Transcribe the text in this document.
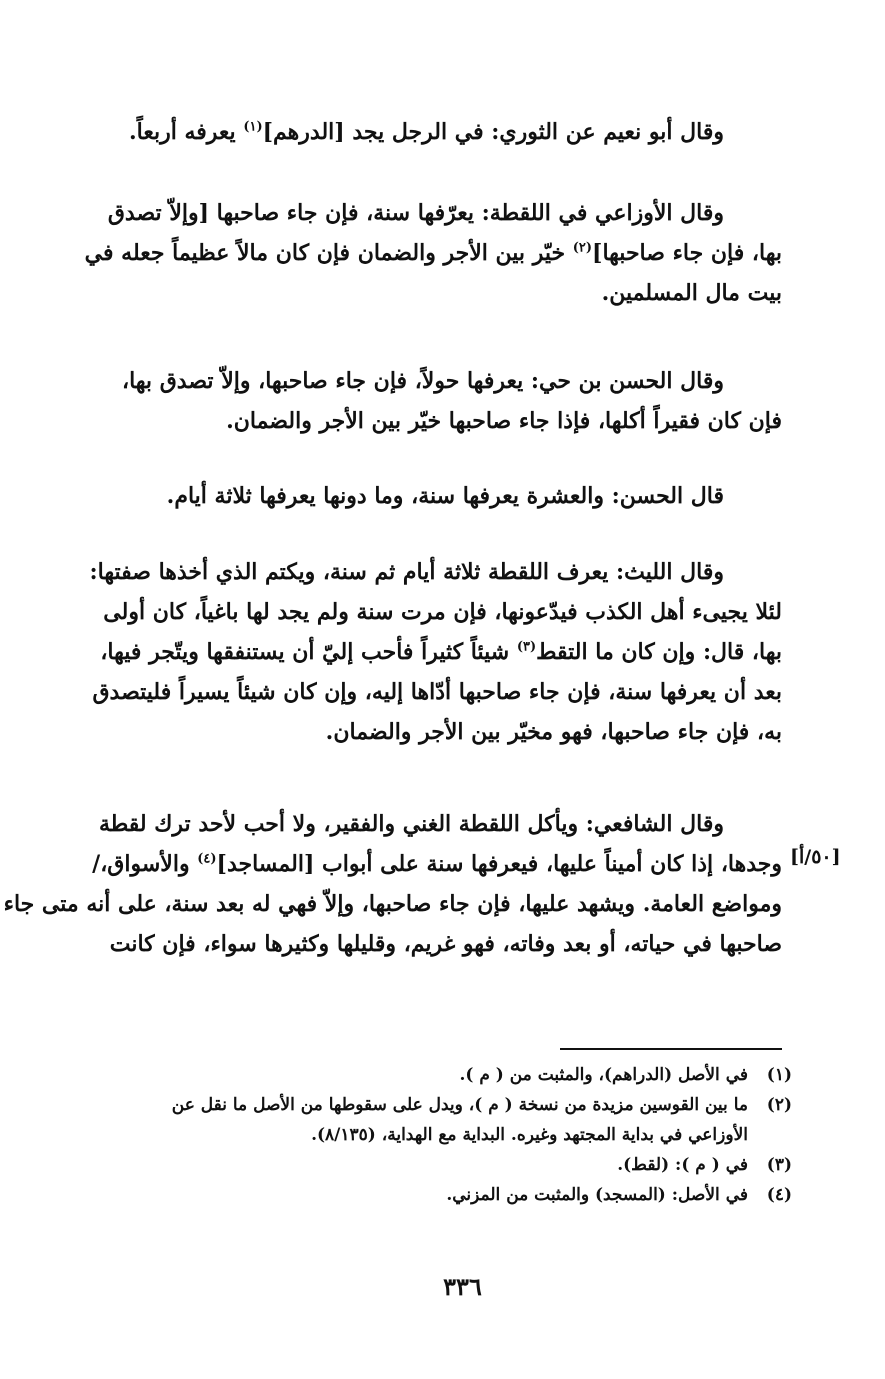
وقال أبو نعيم عن الثوري: في الرجل يجد [الدرهم]$^{(١)}$ يعرفه أربعاً.
وقال الأوزاعي في اللقطة: يعرّفها سنة، فإن جاء صاحبها [وإلاّ تصدق
بها، فإن جاء صاحبها]$^{(٢)}$ خيّر بين الأجر والضمان فإن كان مالاً عظيماً جعله في
بيت مال المسلمين.
وقال الحسن بن حي: يعرفها حولاً، فإن جاء صاحبها، وإلاّ تصدق بها،
فإن كان فقيراً أكلها، فإذا جاء صاحبها خيّر بين الأجر والضمان.
قال الحسن: والعشرة يعرفها سنة، وما دونها يعرفها ثلاثة أيام.
وقال الليث: يعرف اللقطة ثلاثة أيام ثم سنة، ويكتم الذي أخذها صفتها:
لئلا يجيىء أهل الكذب فيدّعونها، فإن مرت سنة ولم يجد لها باغياً، كان أولى
بها، قال: وإن كان ما التقط$^{(٣)}$ شيئاً كثيراً فأحب إليّ أن يستنفقها ويتّجر فيها،
بعد أن يعرفها سنة، فإن جاء صاحبها أدّاها إليه، وإن كان شيئاً يسيراً فليتصدق
به، فإن جاء صاحبها، فهو مخيّر بين الأجر والضمان.
وقال الشافعي: ويأكل اللقطة الغني والفقير، ولا أحب لأحد ترك لقطة
وجدها، إذا كان أميناً عليها، فيعرفها سنة على أبواب [المساجد]$^{(٤)}$ والأسواق،/
ومواضع العامة. ويشهد عليها، فإن جاء صاحبها، وإلاّ فهي له بعد سنة، على أنه متى جاء
صاحبها في حياته، أو بعد وفاته، فهو غريم، وقليلها وكثيرها سواء، فإن كانت
[٥٠/أ]
(١)
في الأصل (الدراهم)، والمثبت من ( م ).
(٢)
ما بين القوسين مزيدة من نسخة ( م )، ويدل على سقوطها من الأصل ما نقل عن
الأوزاعي في بداية المجتهد وغيره. البداية مع الهداية، (٨/١٣٥).
(٣)
في ( م ): (لقط).
(٤)
في الأصل: (المسجد) والمثبت من المزني.
٣٣٦
